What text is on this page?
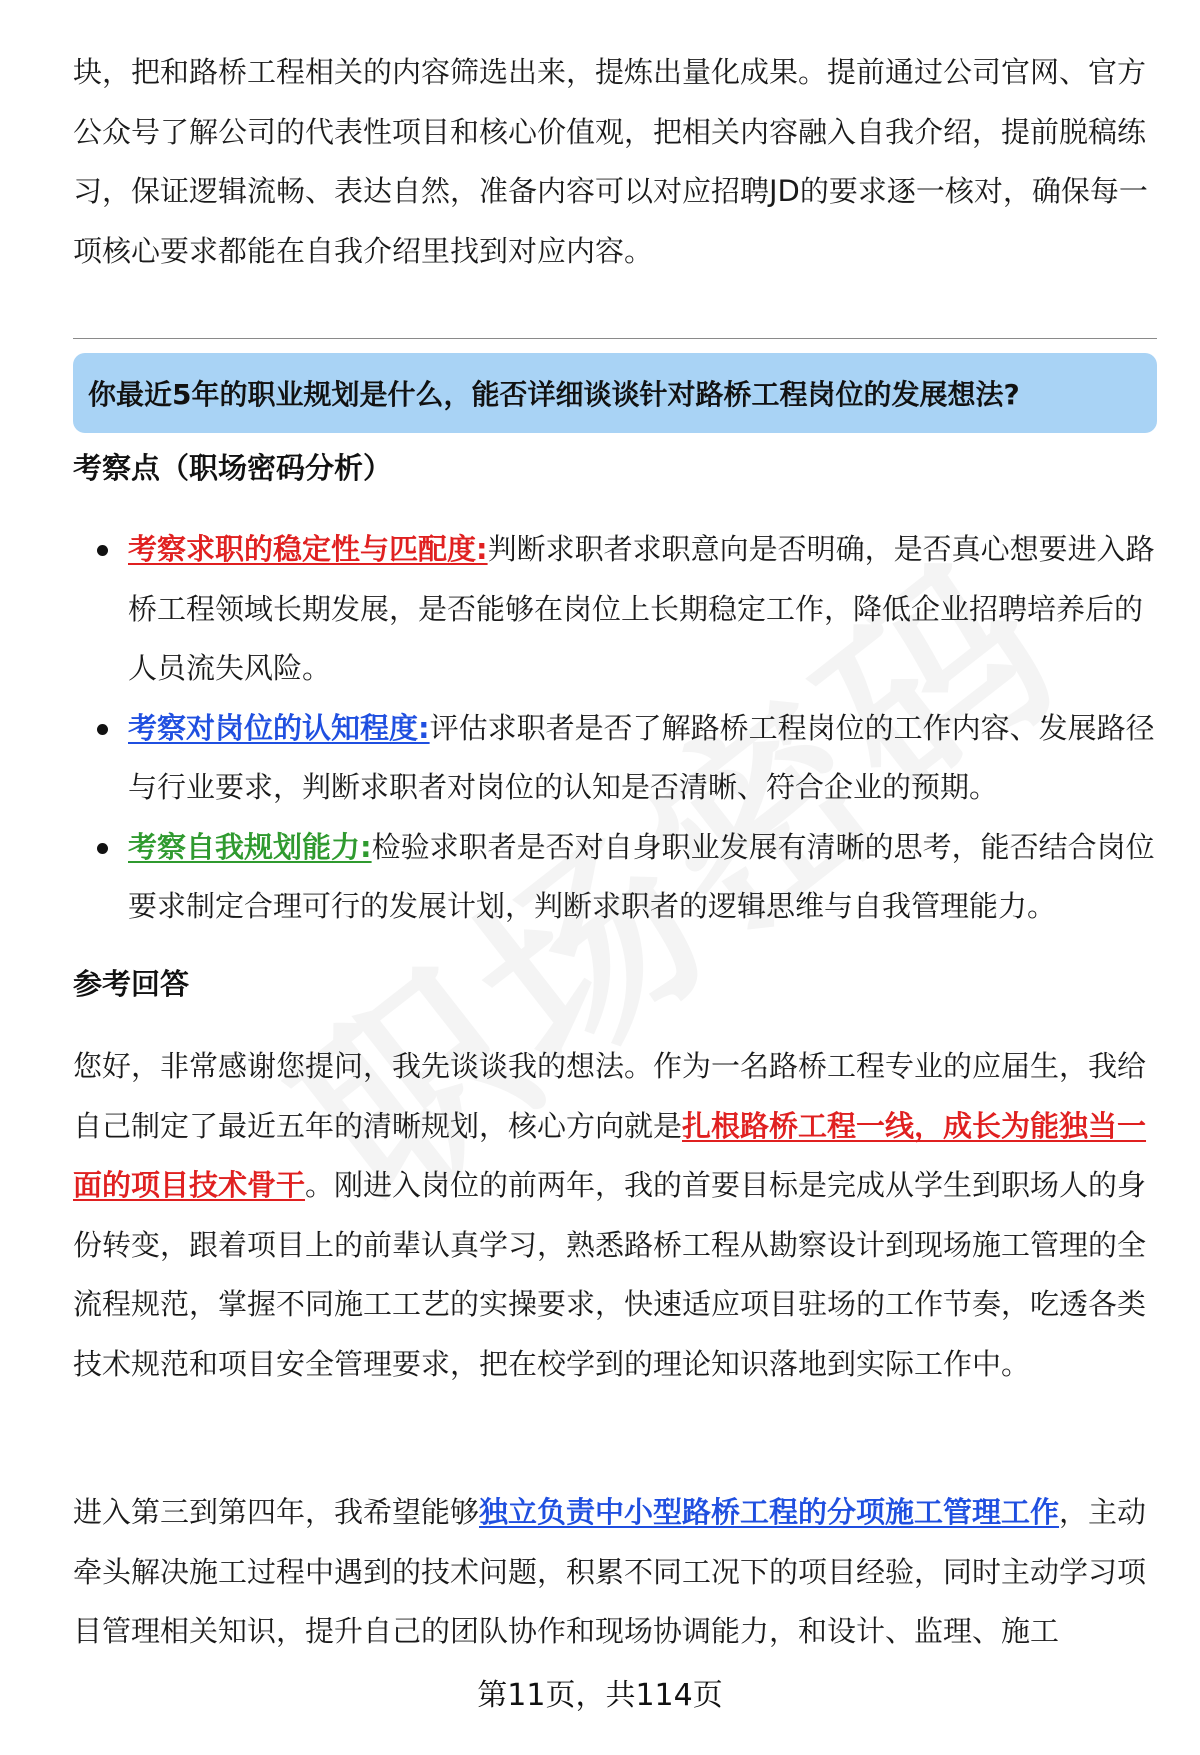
块，把和路桥工程相关的内容筛选出来，提炼出量化成果。提前通过公司官网、官方公众号了解公司的代表性项目和核心价值观，把相关内容融入自我介绍，提前脱稿练习，保证逻辑流畅、表达自然，准备内容可以对应招聘JD的要求逐一核对，确保每一项核心要求都能在自我介绍里找到对应内容。

你最近5年的职业规划是什么，能否详细谈谈针对路桥工程岗位的发展想法?
考察点（职场密码分析）
考察求职的稳定性与匹配度:判断求职者求职意向是否明确，是否真心想要进入路桥工程领域长期发展，是否能够在岗位上长期稳定工作，降低企业招聘培养后的人员流失风险。
考察对岗位的认知程度:评估求职者是否了解路桥工程岗位的工作内容、发展路径与行业要求，判断求职者对岗位的认知是否清晰、符合企业的预期。
考察自我规划能力:检验求职者是否对自身职业发展有清晰的思考，能否结合岗位要求制定合理可行的发展计划，判断求职者的逻辑思维与自我管理能力。
参考回答

您好，非常感谢您提问，我先谈谈我的想法。作为一名路桥工程专业的应届生，我给自己制定了最近五年的清晰规划，核心方向就是扎根路桥工程一线，成长为能独当一面的项目技术骨干。刚进入岗位的前两年，我的首要目标是完成从学生到职场人的身份转变，跟着项目上的前辈认真学习，熟悉路桥工程从勘察设计到现场施工管理的全流程规范，掌握不同施工工艺的实操要求，快速适应项目驻场的工作节奏，吃透各类技术规范和项目安全管理要求，把在校学到的理论知识落地到实际工作中。

进入第三到第四年，我希望能够独立负责中小型路桥工程的分项施工管理工作，主动牵头解决施工过程中遇到的技术问题，积累不同工况下的项目经验，同时主动学习项目管理相关知识，提升自己的团队协作和现场协调能力，和设计、监理、施工

第11页，共114页
